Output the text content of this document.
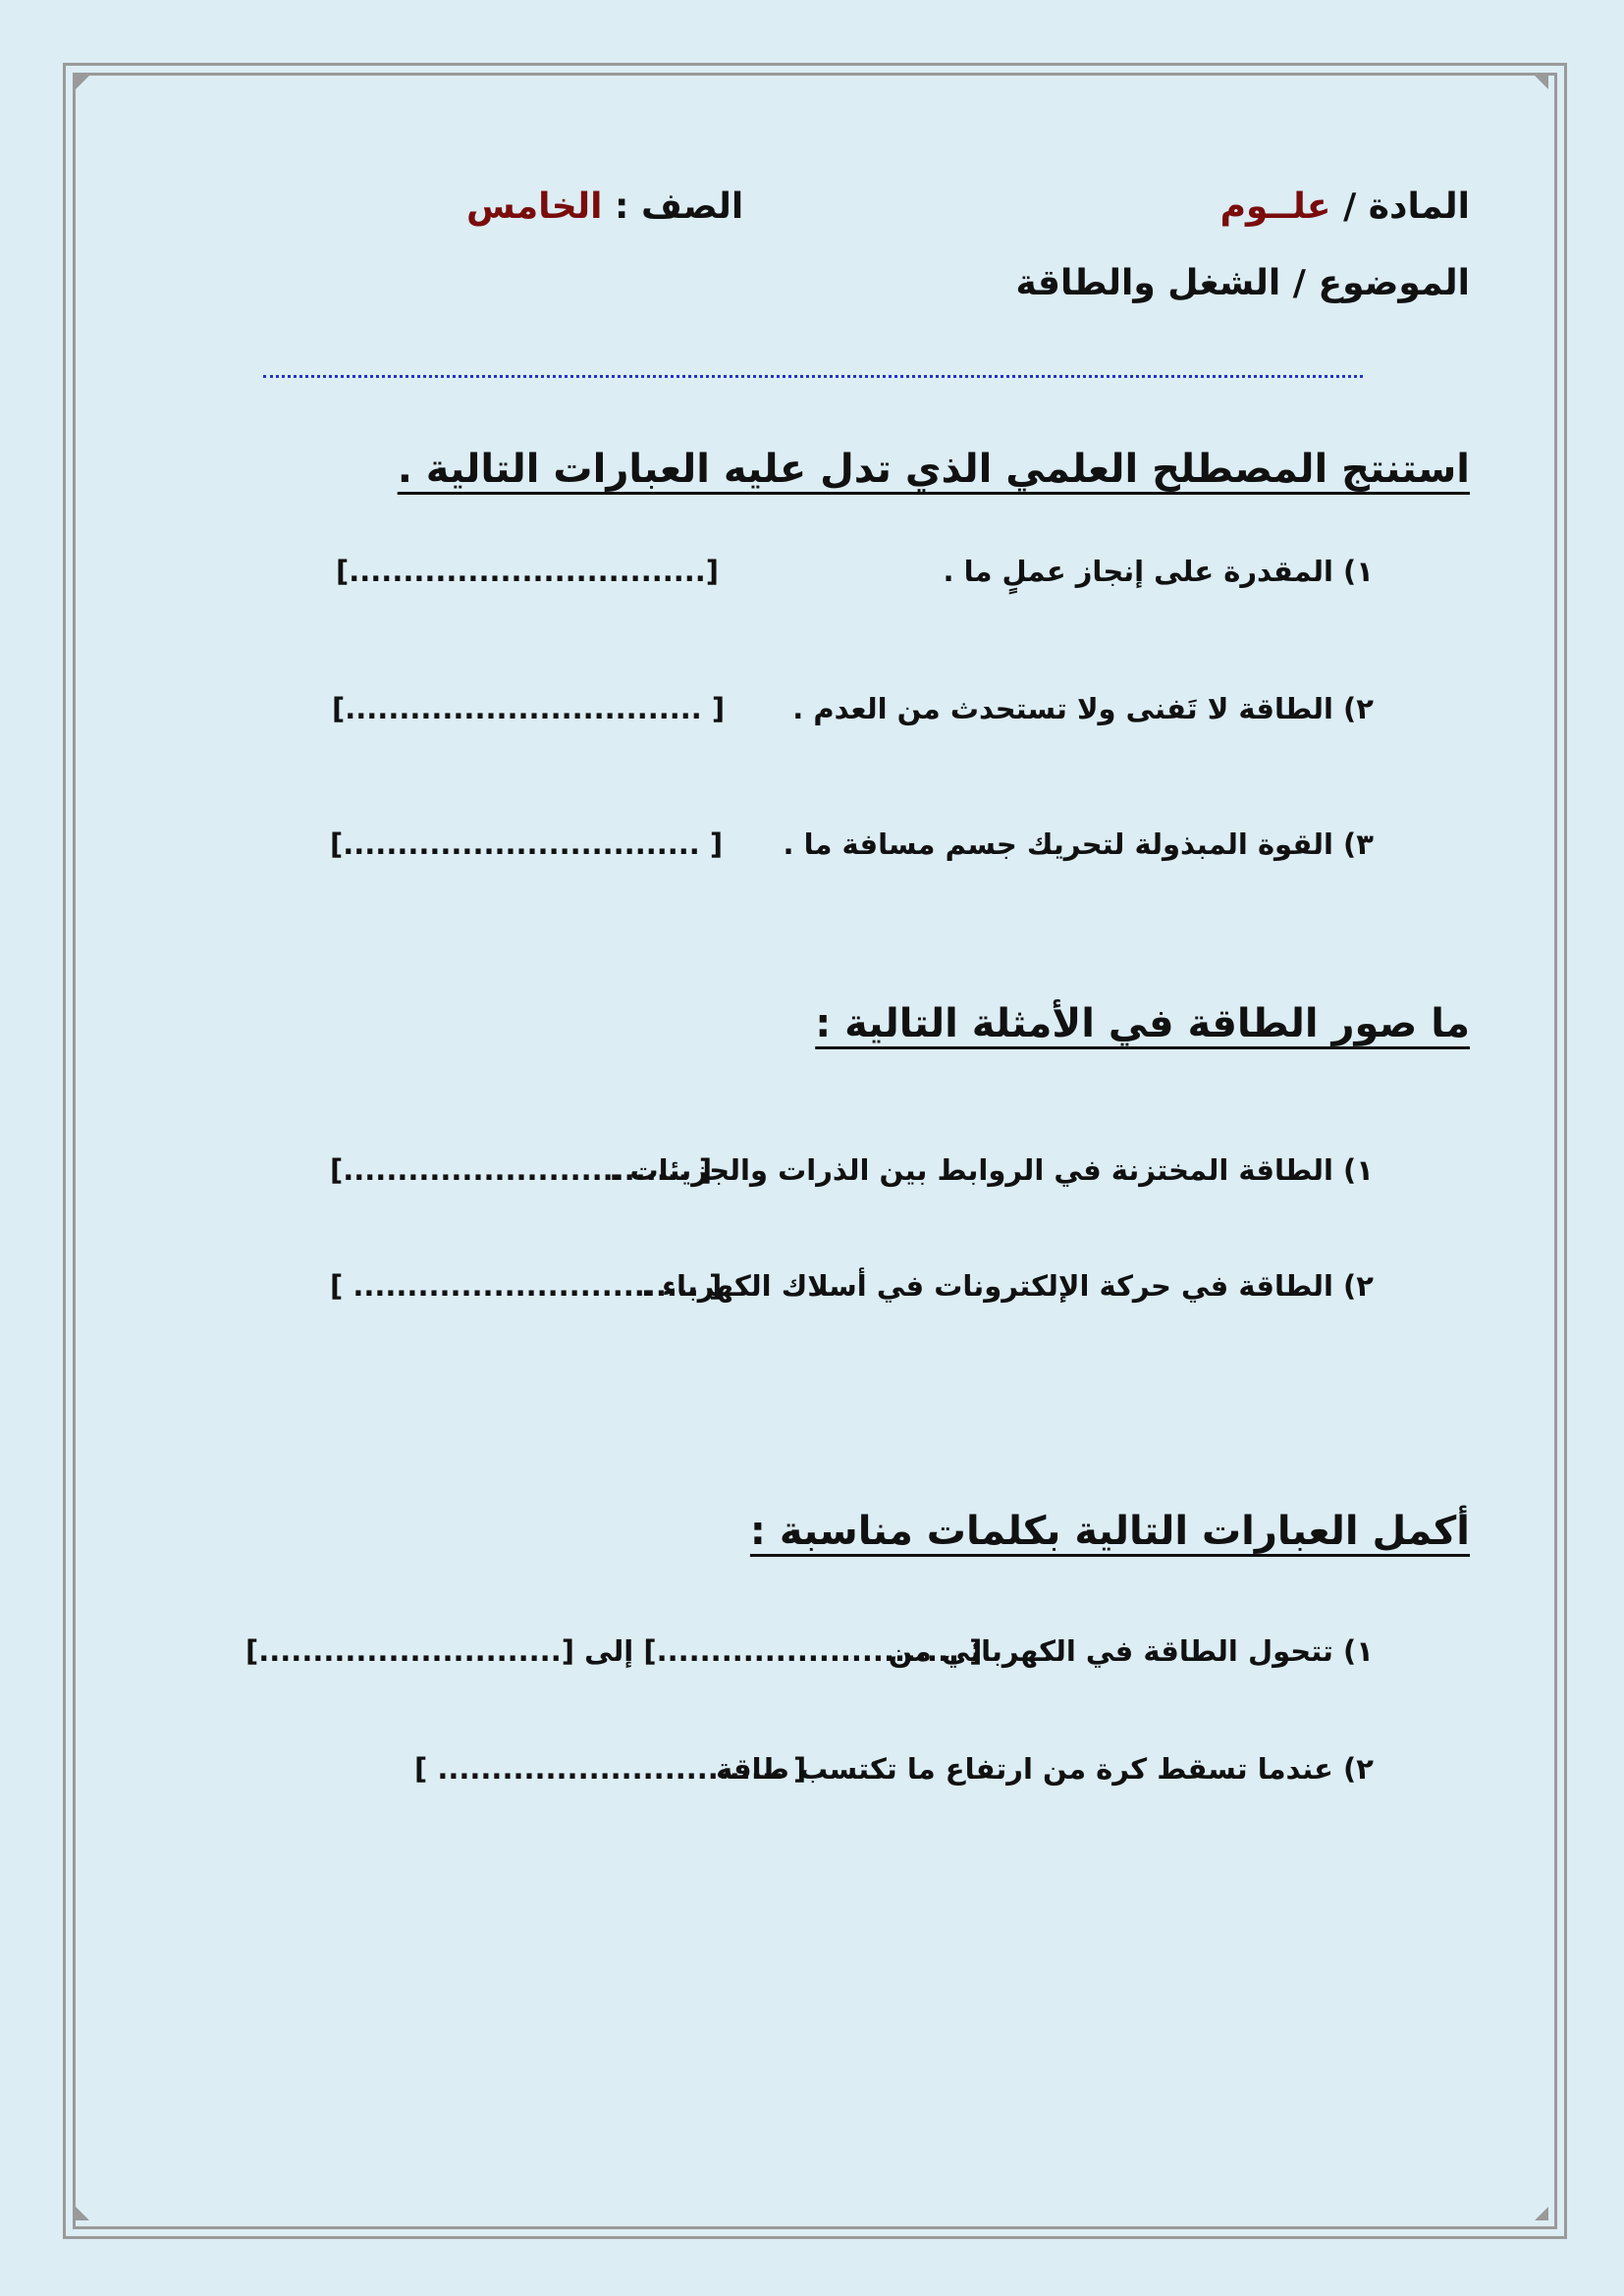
المادة / علــوم
الصف : الخامس
الموضوع / الشغل والطاقة
استنتج المصطلح العلمي الذي تدل عليه العبارات التالية .
١) المقدرة على إنجاز عملٍ ما .
[.................................]
٢) الطاقة لا تَفنى ولا تستحدث من العدم .
[................................. ]
٣) القوة المبذولة لتحريك جسم مسافة ما .
[................................. ]
ما صور الطاقة في الأمثلة التالية :
١) الطاقة المختزنة في الروابط بين الذرات والجزيئات .
[................................ ]
٢) الطاقة في حركة الإلكترونات في أسلاك الكهرباء .
[ ................................ ]
أكمل العبارات التالية بكلمات مناسبة :
١) تتحول الطاقة في الكهربائي من
[............................] إلى [............................ ]
٢) عندما تسقط كرة من ارتفاع ما تكتسب طاقة
[ ................................ ]
